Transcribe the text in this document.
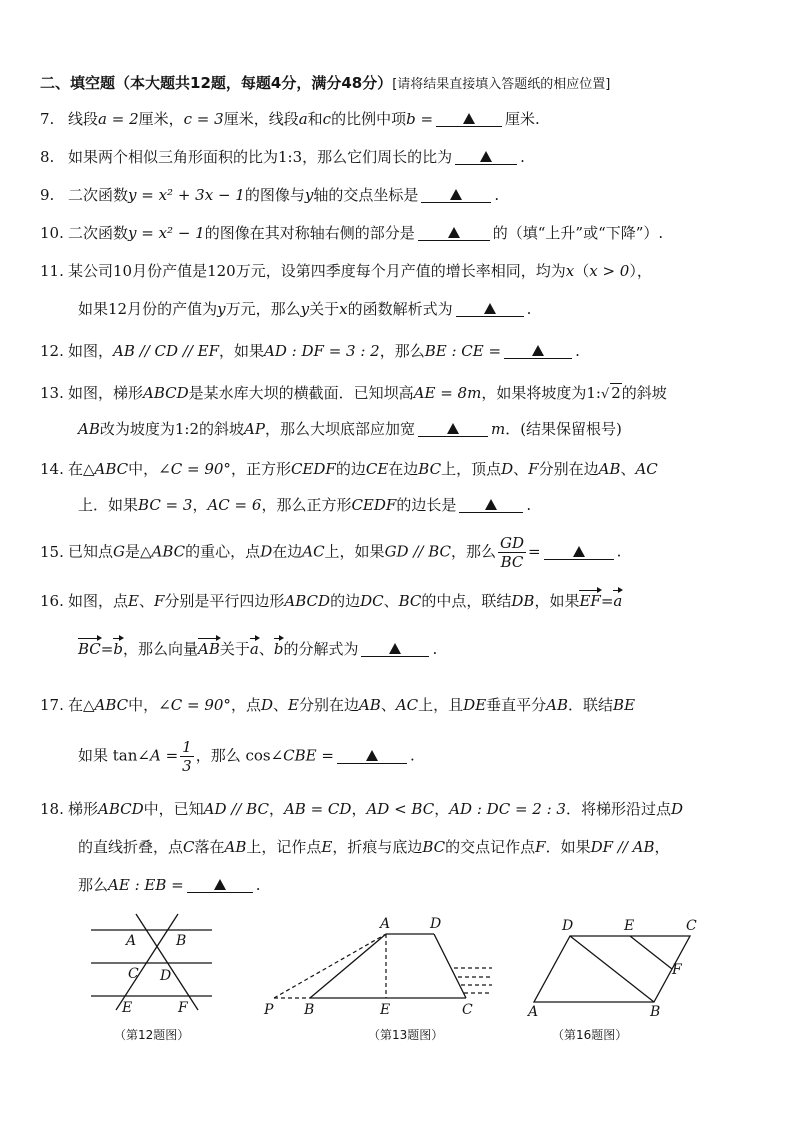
二、填空题（本大题共12题，每题4分，满分48分）[请将结果直接填入答题纸的相应位置]
7. 线段a = 2厘米，c = 3厘米，线段a和c的比例中项b =	厘米.
8. 如果两个相似三角形面积的比为1:3，那么它们周长的比为	.
9. 二次函数y = x² + 3x − 1的图像与y轴的交点坐标是	.
10. 二次函数y = x² − 1的图像在其对称轴右侧的部分是	的（填“上升”或“下降”）.
11. 某公司10月份产值是120万元，设第四季度每个月产值的增长率相同，均为x（x > 0），
如果12月份的产值为y万元，那么y关于x的函数解析式为	.
12. 如图，AB // CD // EF，如果AD : DF = 3 : 2，那么BE : CE =	.
13. 如图，梯形ABCD是某水库大坝的横截面．已知坝高AE = 8m，如果将坡度为1:√ 2的斜坡
AB改为坡度为1:2的斜坡AP，那么大坝底部应加宽	m．(结果保留根号)
14. 在△ABC中，∠C = 90°，正方形CEDF的边CE在边BC上，顶点D、F分别在边AB、AC
上．如果BC = 3，AC = 6，那么正方形CEDF的边长是	.
15. 已知点G是△ABC的重心，点D在边AC上，如果GD // BC，那么 $\frac{GD}{BC}$ =	.
16. 如图，点E、F分别是平行四边形ABCD的边DC、BC的中点，联结DB，如果EF=a
BC=b，那么向量AB关于a、b的分解式为	.
17. 在△ABC中，∠C = 90°，点D、E分别在边AB、AC上，且DE垂直平分AB．联结BE
如果 tan∠A = $\frac{1}{3}$ ，那么 cos∠CBE =	.
18. 梯形ABCD中，已知AD // BC，AB = CD，AD < BC，AD : DC = 2 : 3．将梯形沿过点D
的直线折叠，点C落在AB上，记作点E，折痕与底边BC的交点记作点F．如果DF // AB，
那么AE : EB =	.
A	B
C D
E	F
（第12题图）
A	D
P B	E	C
（第13题图）
D	E	C
F
A	B
（第16题图）
